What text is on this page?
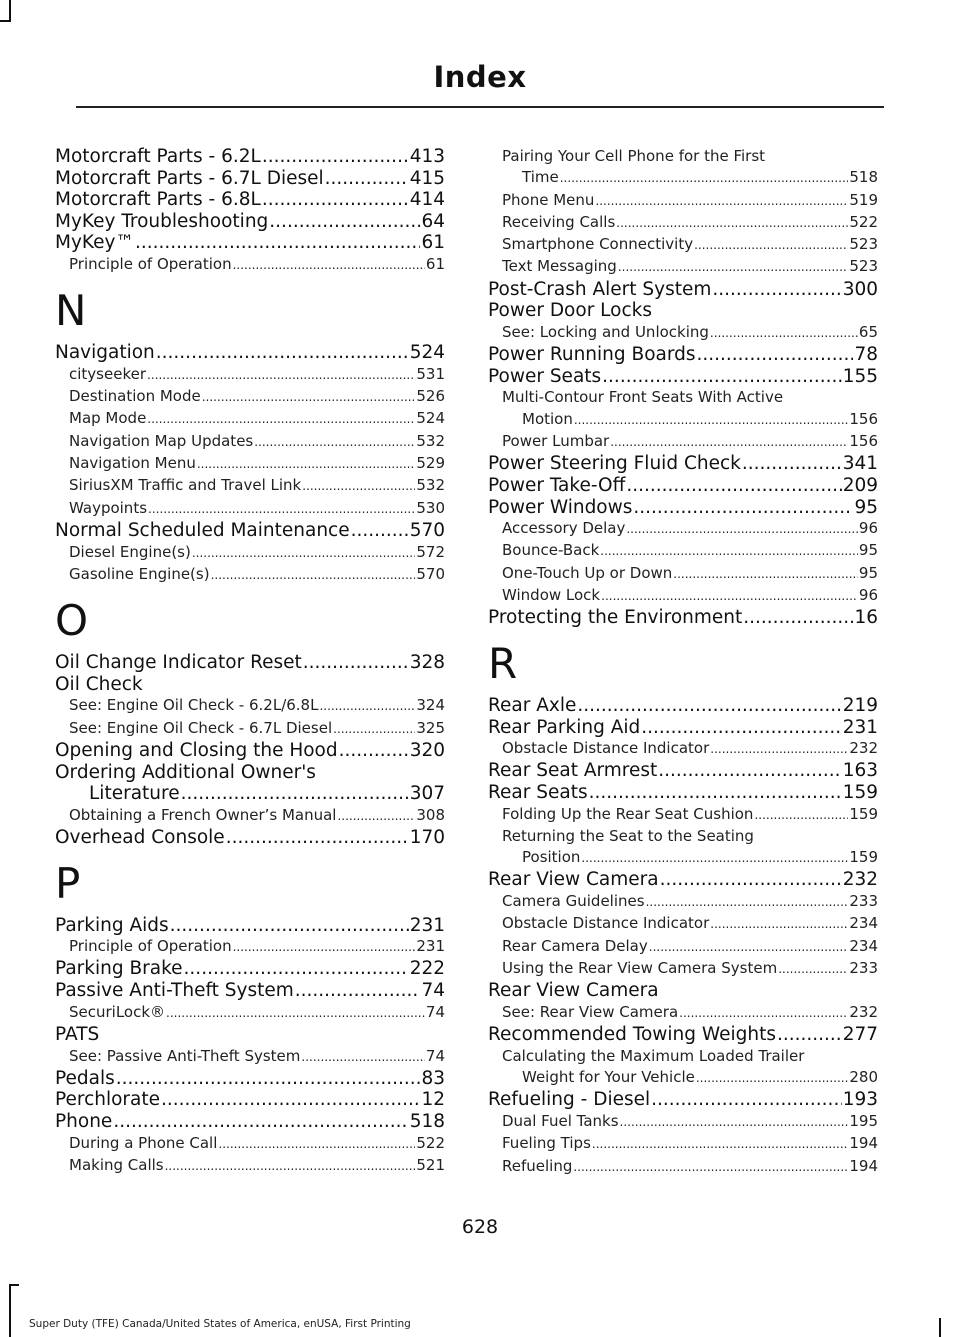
Index
Motorcraft Parts - 6.2L .....	413
Motorcraft Parts - 6.7L Diesel .....	415
Motorcraft Parts - 6.8L .....	414
MyKey Troubleshooting .....	64
MyKey™ .....	61
Principle of Operation .....	61
N
Navigation .....	524
cityseeker .....	531
Destination Mode .....	526
Map Mode .....	524
Navigation Map Updates .....	532
Navigation Menu .....	529
SiriusXM Traffic and Travel Link .....	532
Waypoints .....	530
Normal Scheduled Maintenance .....	570
Diesel Engine(s) .....	572
Gasoline Engine(s) .....	570
O
Oil Change Indicator Reset .....	328
Oil Check
See: Engine Oil Check - 6.2L/6.8L .....	324
See: Engine Oil Check - 6.7L Diesel .....	325
Opening and Closing the Hood .....	320
Ordering Additional Owner's
Literature .....	307
Obtaining a French Owner’s Manual .....	308
Overhead Console .....	170
P
Parking Aids .....	231
Principle of Operation .....	231
Parking Brake .....	222
Passive Anti-Theft System .....	74
SecuriLock® .....	74
PATS
See: Passive Anti-Theft System .....	74
Pedals .....	83
Perchlorate .....	12
Phone .....	518
During a Phone Call .....	522
Making Calls .....	521
Pairing Your Cell Phone for the First
Time .....	518
Phone Menu .....	519
Receiving Calls .....	522
Smartphone Connectivity .....	523
Text Messaging .....	523
Post-Crash Alert System .....	300
Power Door Locks
See: Locking and Unlocking .....	65
Power Running Boards .....	78
Power Seats .....	155
Multi-Contour Front Seats With Active
Motion .....	156
Power Lumbar .....	156
Power Steering Fluid Check .....	341
Power Take-Off .....	209
Power Windows .....	95
Accessory Delay .....	96
Bounce-Back .....	95
One-Touch Up or Down .....	95
Window Lock .....	96
Protecting the Environment .....	16
R
Rear Axle .....	219
Rear Parking Aid .....	231
Obstacle Distance Indicator .....	232
Rear Seat Armrest .....	163
Rear Seats .....	159
Folding Up the Rear Seat Cushion .....	159
Returning the Seat to the Seating
Position .....	159
Rear View Camera .....	232
Camera Guidelines .....	233
Obstacle Distance Indicator .....	234
Rear Camera Delay .....	234
Using the Rear View Camera System .....	233
Rear View Camera
See: Rear View Camera .....	232
Recommended Towing Weights .....	277
Calculating the Maximum Loaded Trailer
Weight for Your Vehicle .....	280
Refueling - Diesel .....	193
Dual Fuel Tanks .....	195
Fueling Tips .....	194
Refueling .....	194
628
Super Duty (TFE) Canada/United States of America, enUSA, First Printing
